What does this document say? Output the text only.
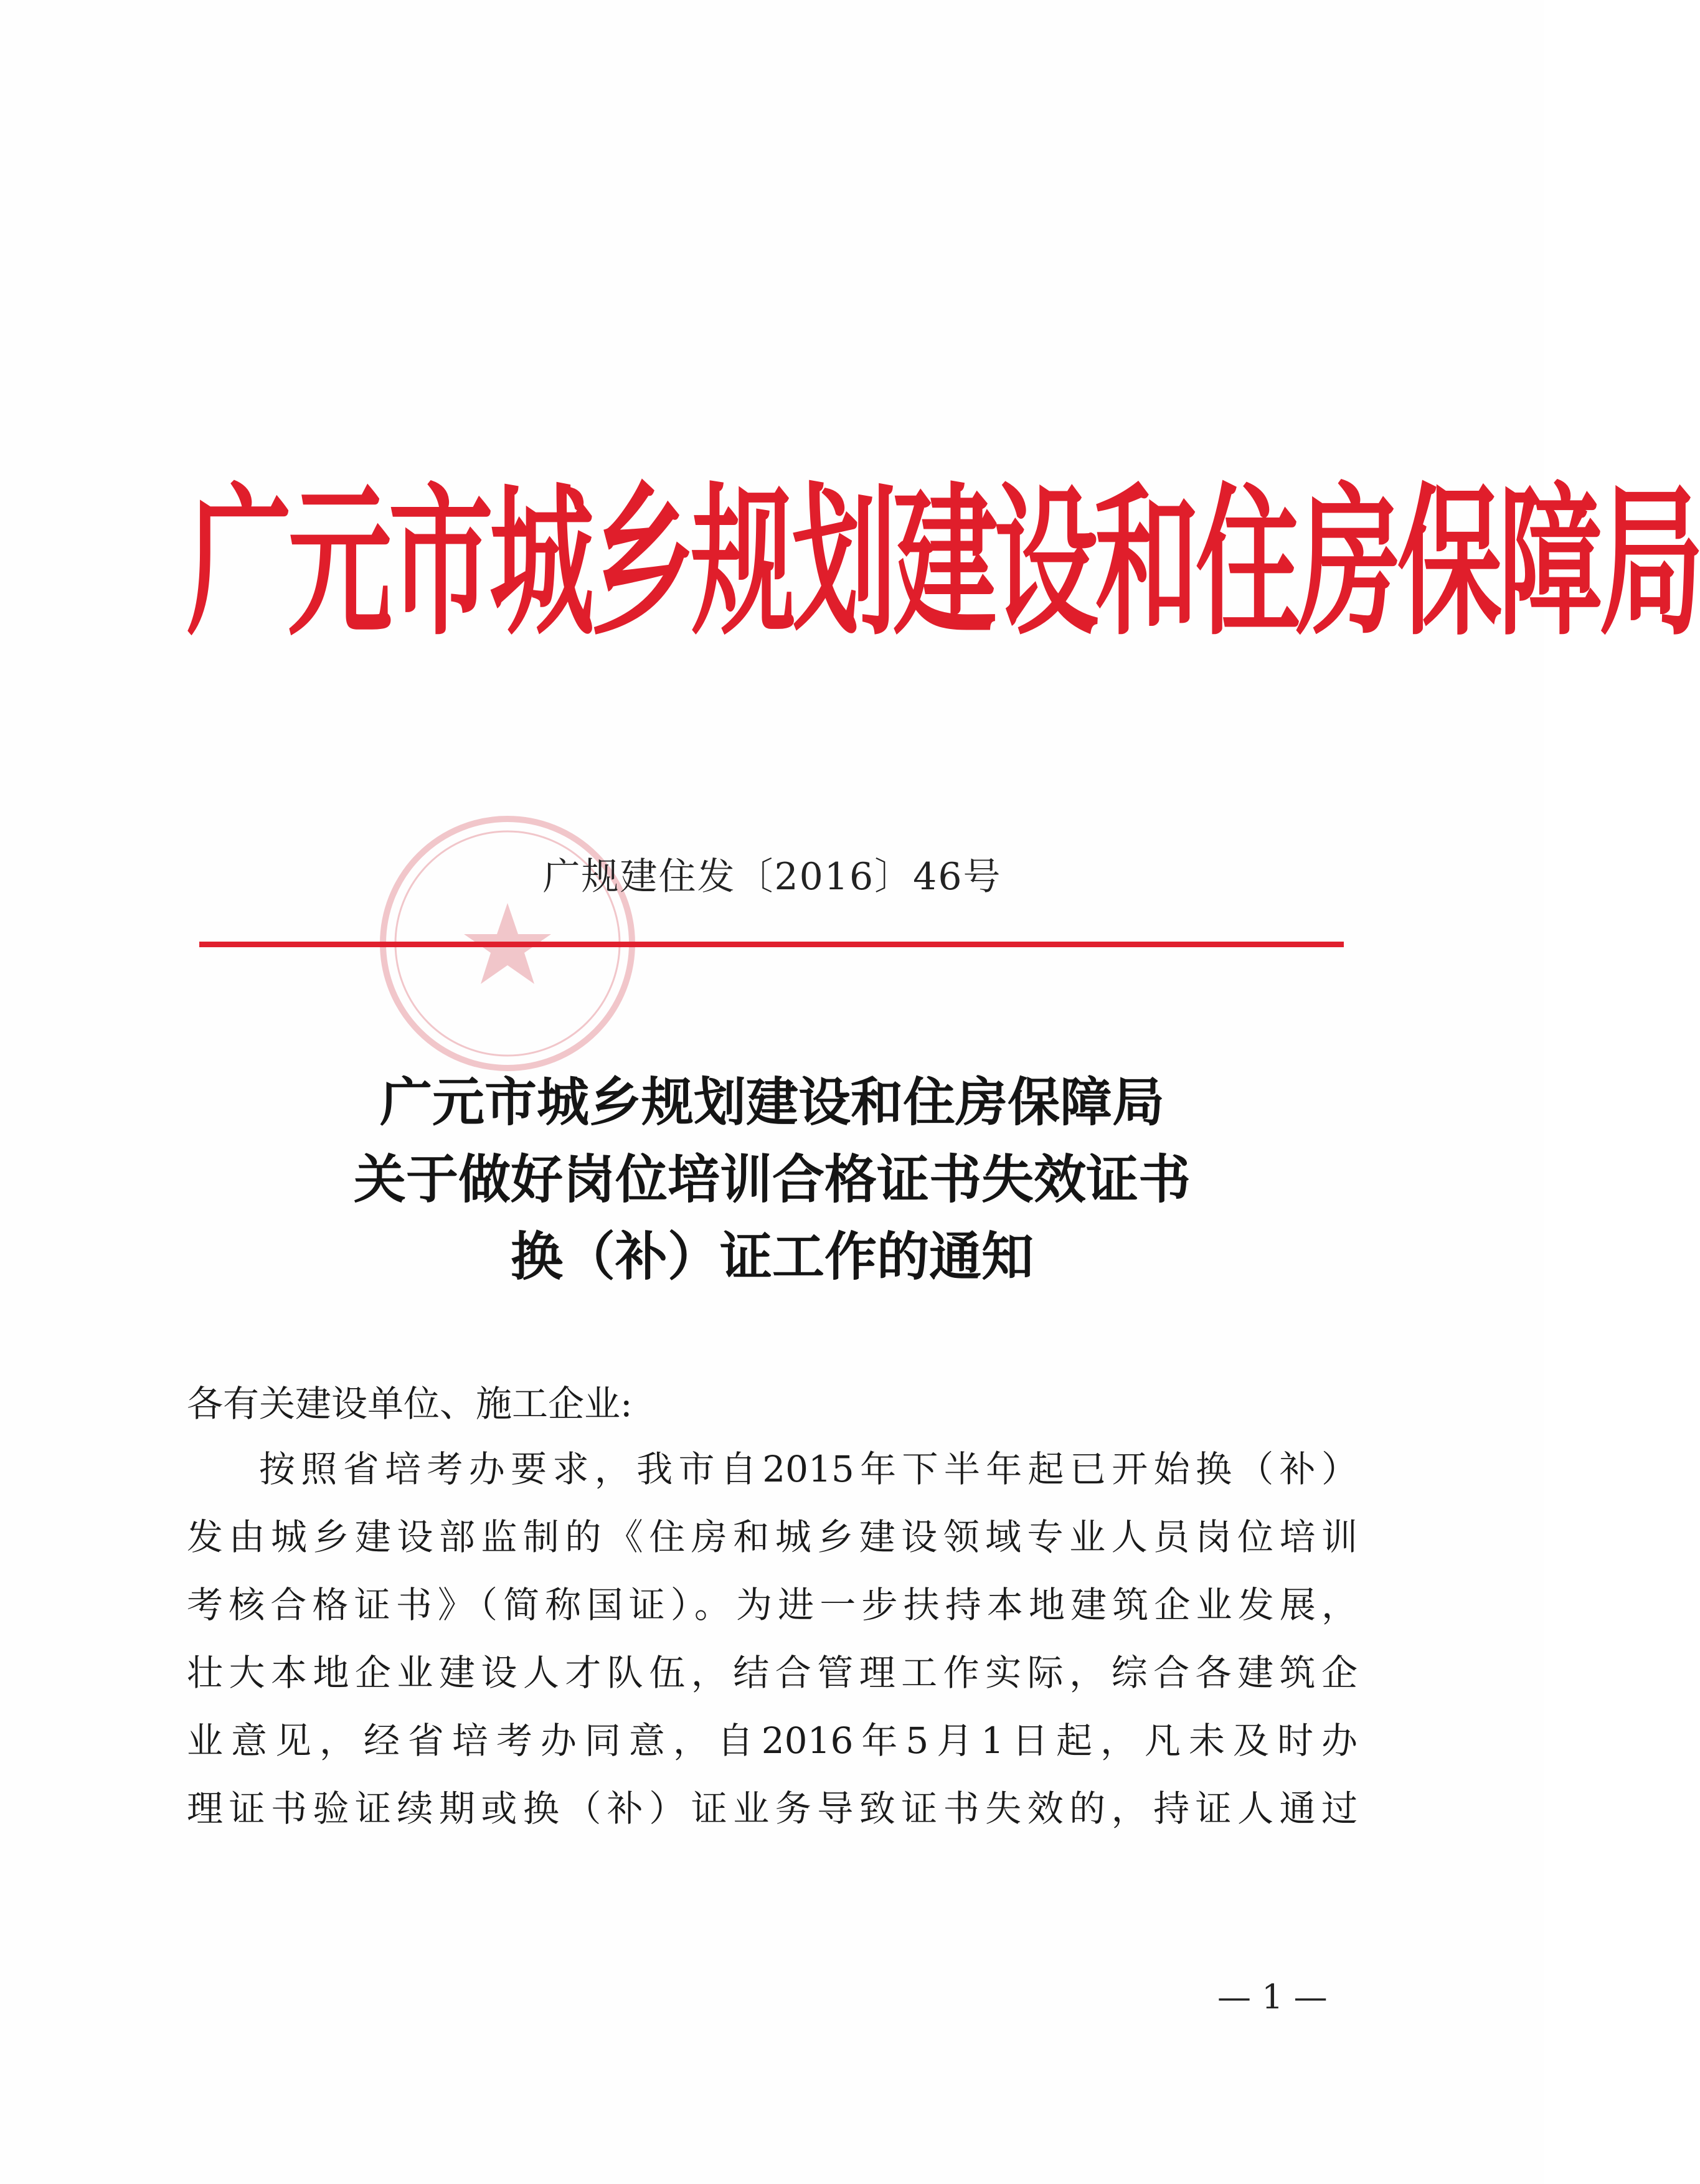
广元市城乡规划建设和住房保障局
广规建住发〔2016〕46号
广元市城乡规划建设和住房保障局
关于做好岗位培训合格证书失效证书
换（补）证工作的通知
各有关建设单位、施工企业:
按照省培考办要求，我市自2015年下半年起已开始换（补）
发由城乡建设部监制的《住房和城乡建设领域专业人员岗位培训
考核合格证书》（简称国证）。为进一步扶持本地建筑企业发展，
壮大本地企业建设人才队伍，结合管理工作实际，综合各建筑企
业意见，经省培考办同意，自2016年5月1日起，凡未及时办
理证书验证续期或换（补）证业务导致证书失效的，持证人通过
— 1 —
